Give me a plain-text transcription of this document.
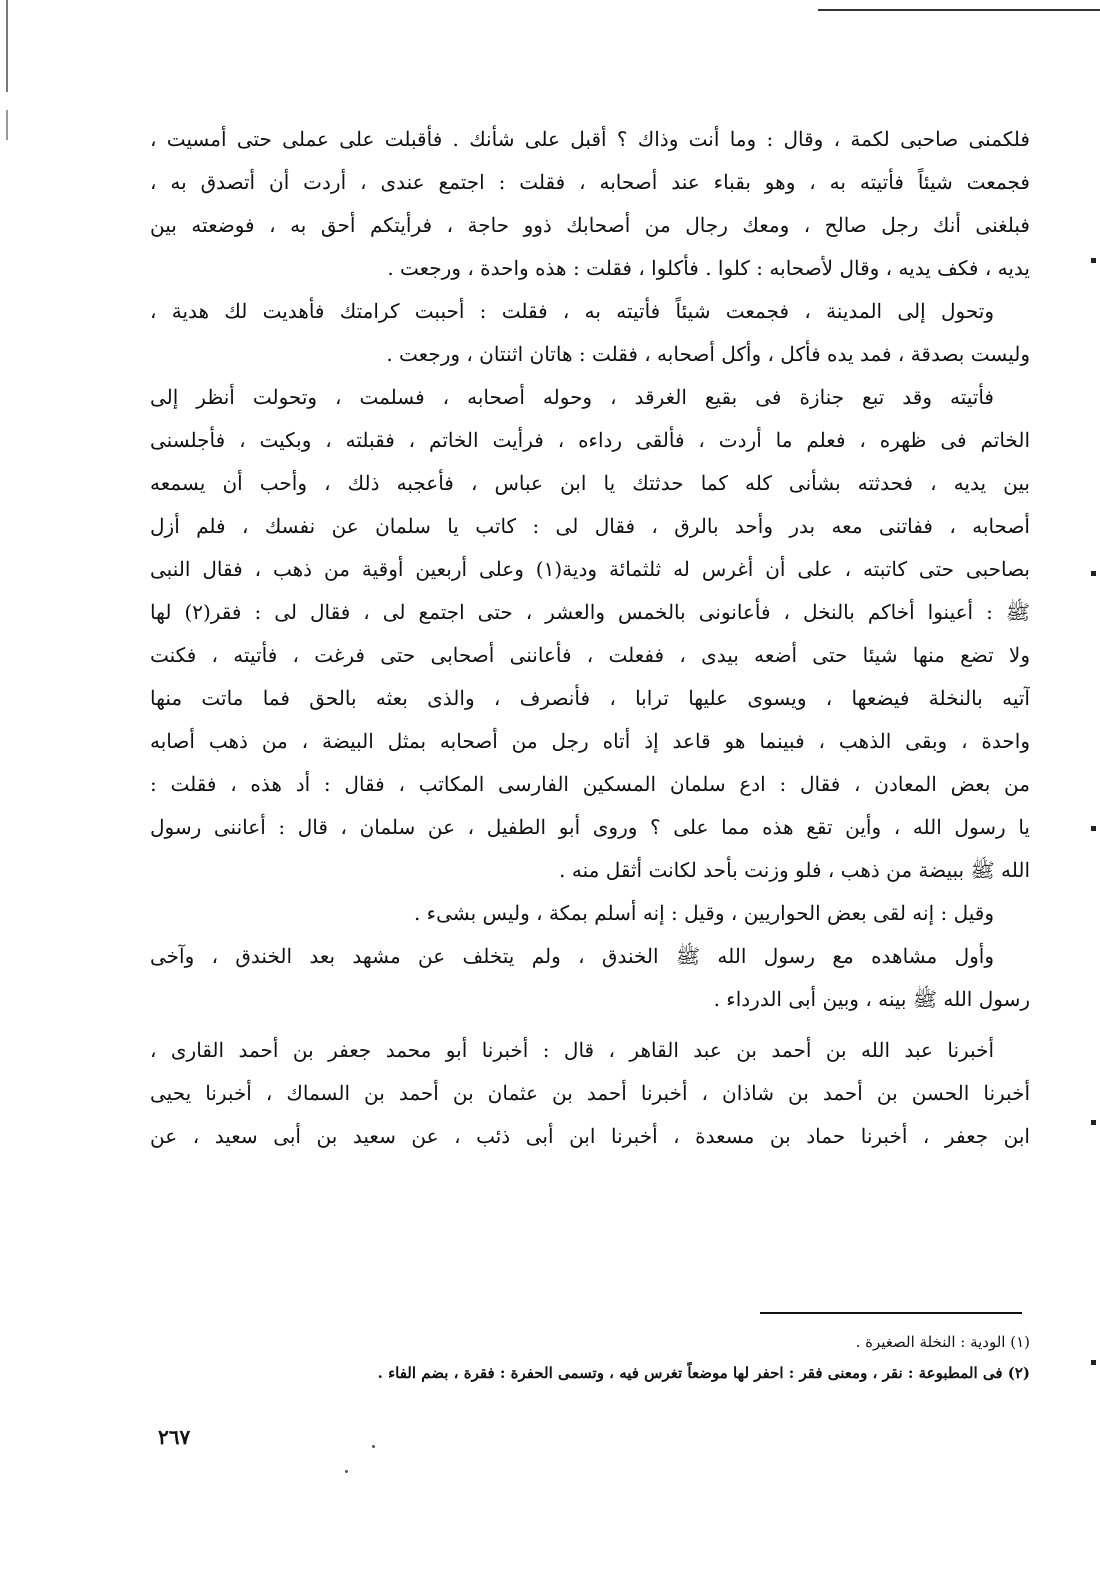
فلكمنى صاحبى لكمة ، وقال : وما أنت وذاك ؟ أقبل على شأنك . فأقبلت على عملى حتى أمسيت ،
فجمعت شيئاً فأتيته به ، وهو بقباء عند أصحابه ، فقلت : اجتمع عندى ، أردت أن أتصدق به ،
فبلغنى أنك رجل صالح ، ومعك رجال من أصحابك ذوو حاجة ، فرأيتكم أحق به ، فوضعته بين
يديه ، فكف يديه ، وقال لأصحابه : كلوا . فأكلوا ، فقلت : هذه واحدة ، ورجعت .
وتحول إلى المدينة ، فجمعت شيئاً فأتيته به ، فقلت : أحببت كرامتك فأهديت لك هدية ،
وليست بصدقة ، فمد يده فأكل ، وأكل أصحابه ، فقلت : هاتان اثنتان ، ورجعت .
فأتيته وقد تبع جنازة فى بقيع الغرقد ، وحوله أصحابه ، فسلمت ، وتحولت أنظر إلى
الخاتم فى ظهره ، فعلم ما أردت ، فألقى رداءه ، فرأيت الخاتم ، فقبلته ، وبكيت ، فأجلسنى
بين يديه ، فحدثته بشأنى كله كما حدثتك يا ابن عباس ، فأعجبه ذلك ، وأحب أن يسمعه
أصحابه ، ففاتنى معه بدر وأحد بالرق ، فقال لى : كاتب يا سلمان عن نفسك ، فلم أزل
بصاحبى حتى كاتبته ، على أن أغرس له ثلثمائة ودية(١) وعلى أربعين أوقية من ذهب ، فقال النبى
ﷺ : أعينوا أخاكم بالنخل ، فأعانونى بالخمس والعشر ، حتى اجتمع لى ، فقال لى : فقر(٢) لها
ولا تضع منها شيئا حتى أضعه بيدى ، ففعلت ، فأعاننى أصحابى حتى فرغت ، فأتيته ، فكنت
آتيه بالنخلة فيضعها ، ويسوى عليها ترابا ، فأنصرف ، والذى بعثه بالحق فما ماتت منها
واحدة ، وبقى الذهب ، فبينما هو قاعد إذ أتاه رجل من أصحابه بمثل البيضة ، من ذهب أصابه
من بعض المعادن ، فقال : ادع سلمان المسكين الفارسى المكاتب ، فقال : أد هذه ، فقلت :
يا رسول الله ، وأين تقع هذه مما على ؟ وروى أبو الطفيل ، عن سلمان ، قال : أعاننى رسول
الله ﷺ ببيضة من ذهب ، فلو وزنت بأحد لكانت أثقل منه .
وقيل : إنه لقى بعض الحواريين ، وقيل : إنه أسلم بمكة ، وليس بشىء .
وأول مشاهده مع رسول الله ﷺ الخندق ، ولم يتخلف عن مشهد بعد الخندق ، وآخى
رسول الله ﷺ بينه ، وبين أبى الدرداء .
أخبرنا عبد الله بن أحمد بن عبد القاهر ، قال : أخبرنا أبو محمد جعفر بن أحمد القارى ،
أخبرنا الحسن بن أحمد بن شاذان ، أخبرنا أحمد بن عثمان بن أحمد بن السماك ، أخبرنا يحيى
ابن جعفر ، أخبرنا حماد بن مسعدة ، أخبرنا ابن أبى ذئب ، عن سعيد بن أبى سعيد ، عن
(١) الودية : النخلة الصغيرة .
(٢) فى المطبوعة : نقر ، ومعنى فقر : احفر لها موضعاً تغرس فيه ، وتسمى الحفرة : فقرة ، بضم الفاء .
٢٦٧
